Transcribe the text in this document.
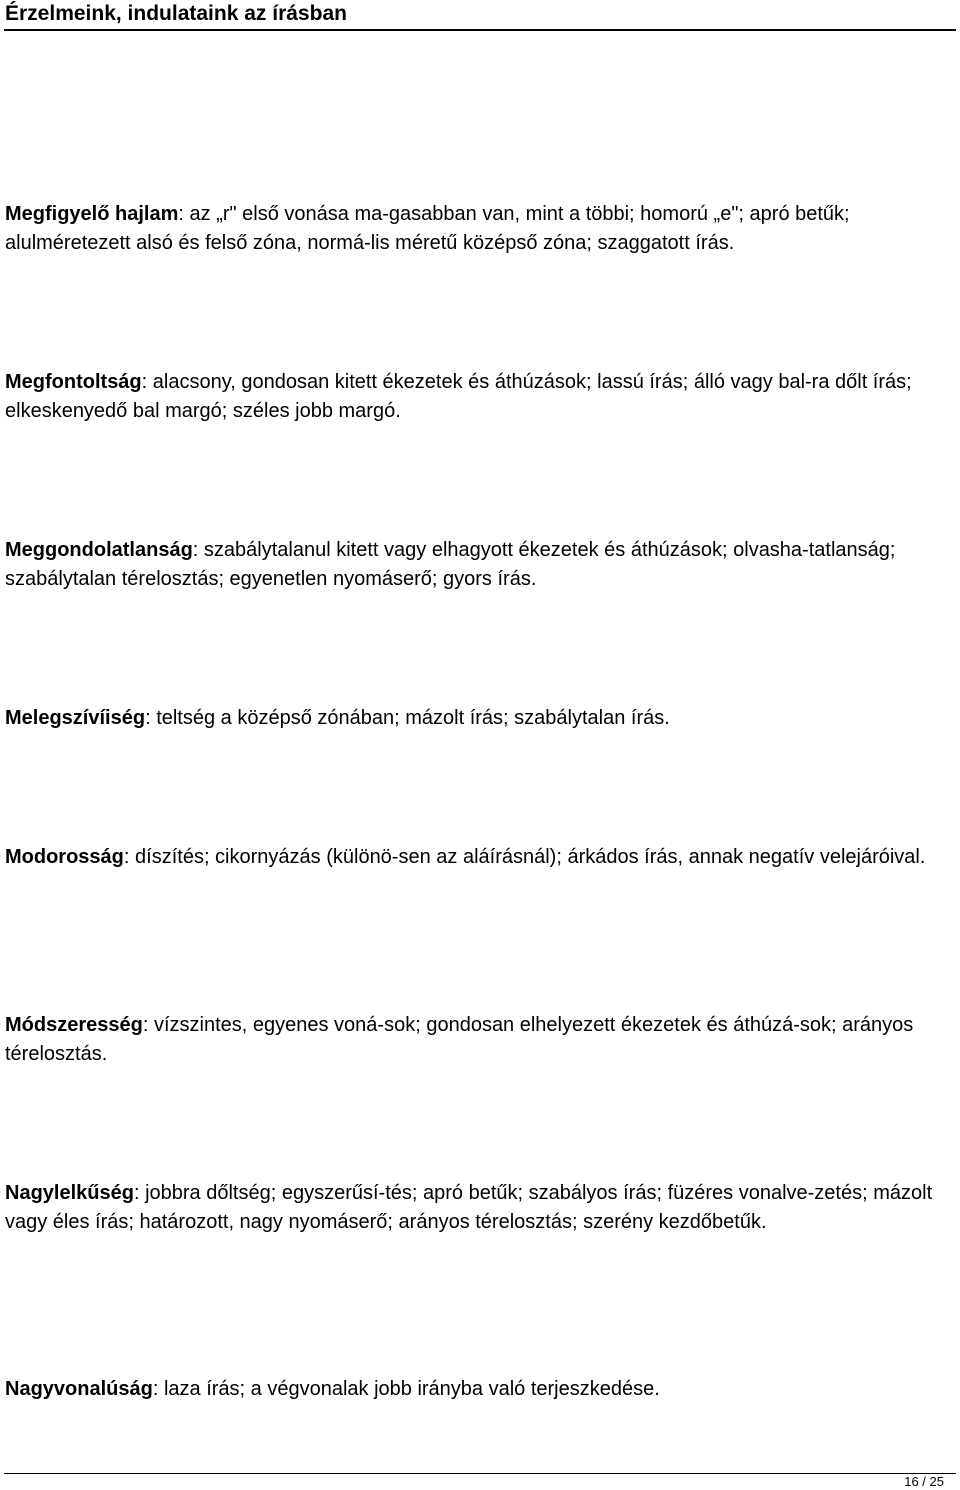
Érzelmeink, indulataink az írásban

Megfigyelő hajlam: az „r" első vonása ma-gasabban van, mint a többi; homorú „e"; apró betűk; alulméretezett alsó és felső zóna, normá-lis méretű középső zóna; szaggatott írás.

Megfontoltság: alacsony, gondosan kitett ékezetek és áthúzások; lassú írás; álló vagy bal-ra dőlt írás; elkeskenyedő bal margó; széles jobb margó.

Meggondolatlanság: szabálytalanul kitett vagy elhagyott ékezetek és áthúzások; olvasha-tatlanság; szabálytalan térelosztás; egyenetlen nyomáserő; gyors írás.

Melegszívíiség: teltség a középső zónában; mázolt írás; szabálytalan írás.

Modorosság: díszítés; cikornyázás (különö-sen az aláírásnál); árkádos írás, annak negatív velejáróival.

Módszeresség: vízszintes, egyenes voná-sok; gondosan elhelyezett ékezetek és áthúzá-sok; arányos térelosztás.

Nagylelkűség: jobbra dőltség; egyszerűsí-tés; apró betűk; szabályos írás; füzéres vonalve-zetés; mázolt vagy éles írás; határozott, nagy nyomáserő; arányos térelosztás; szerény kezdőbetűk.

Nagyvonalúság: laza írás; a végvonalak jobb irányba való terjeszkedése.

16 / 25
